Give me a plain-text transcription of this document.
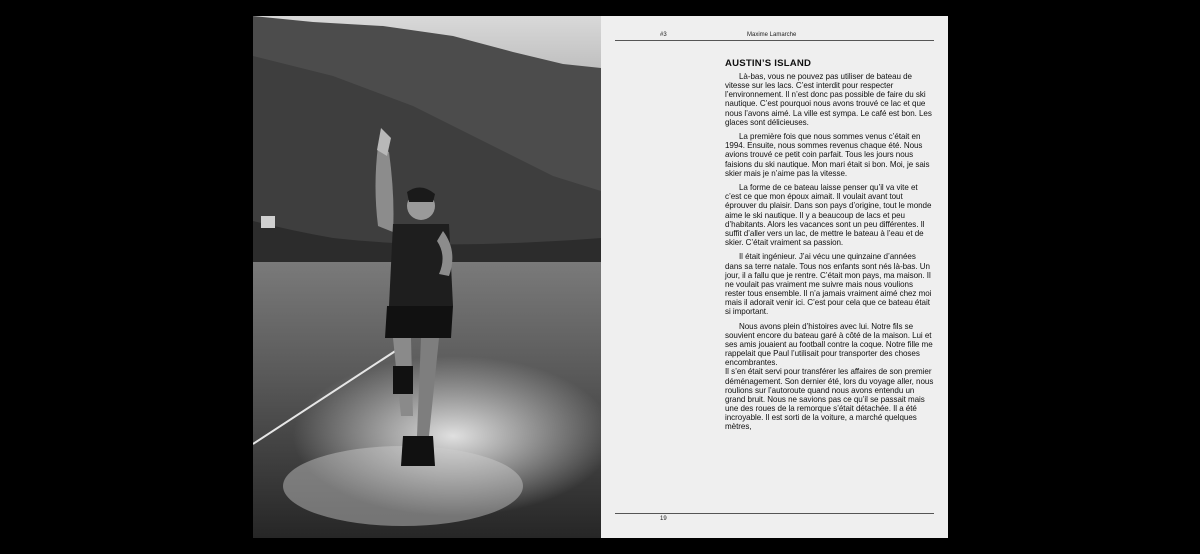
#3	Maxime Lamarche
AUSTIN’S ISLAND

Là-bas, vous ne pouvez pas utiliser de bateau de vitesse sur les lacs. C’est interdit pour respecter l’environnement. Il n’est donc pas possible de faire du ski nautique. C’est pourquoi nous avons trouvé ce lac et que nous l’avons aimé. La ville est sympa. Le café est bon. Les glaces sont délicieuses.

La première fois que nous sommes venus c’était en 1994. Ensuite, nous sommes revenus chaque été. Nous avions trouvé ce petit coin parfait. Tous les jours nous faisions du ski nautique. Mon mari était si bon. Moi, je sais skier mais je n’aime pas la vitesse.

La forme de ce bateau laisse penser qu’il va vite et c’est ce que mon époux aimait. Il voulait avant tout éprouver du plaisir. Dans son pays d’origine, tout le monde aime le ski nautique. Il y a beaucoup de lacs et peu d’habitants. Alors les vacances sont un peu différentes. Il suffit d’aller vers un lac, de mettre le bateau à l’eau et de skier. C’était vraiment sa passion.

Il était ingénieur. J’ai vécu une quinzaine d’années dans sa terre natale. Tous nos enfants sont nés là-bas. Un jour, il a fallu que je rentre. C’était mon pays, ma maison. Il ne voulait pas vraiment me suivre mais nous voulions rester tous ensemble. Il n’a jamais vraiment aimé chez moi mais il adorait venir ici. C’est pour cela que ce bateau était si important.

Nous avons plein d’histoires avec lui. Notre fils se souvient encore du bateau garé à côté de la maison. Lui et ses amis jouaient au football contre la coque. Notre fille me rappelait que Paul l’utilisait pour transporter des choses encombrantes.

Il s’en était servi pour transférer les affaires de son premier déménagement. Son dernier été, lors du voyage aller, nous roulions sur l’autoroute quand nous avons entendu un grand bruit. Nous ne savions pas ce qu’il se passait mais une des roues de la remorque s’était détachée. Il a été incroyable. Il est sorti de la voiture, a marché quelques mètres,

19
